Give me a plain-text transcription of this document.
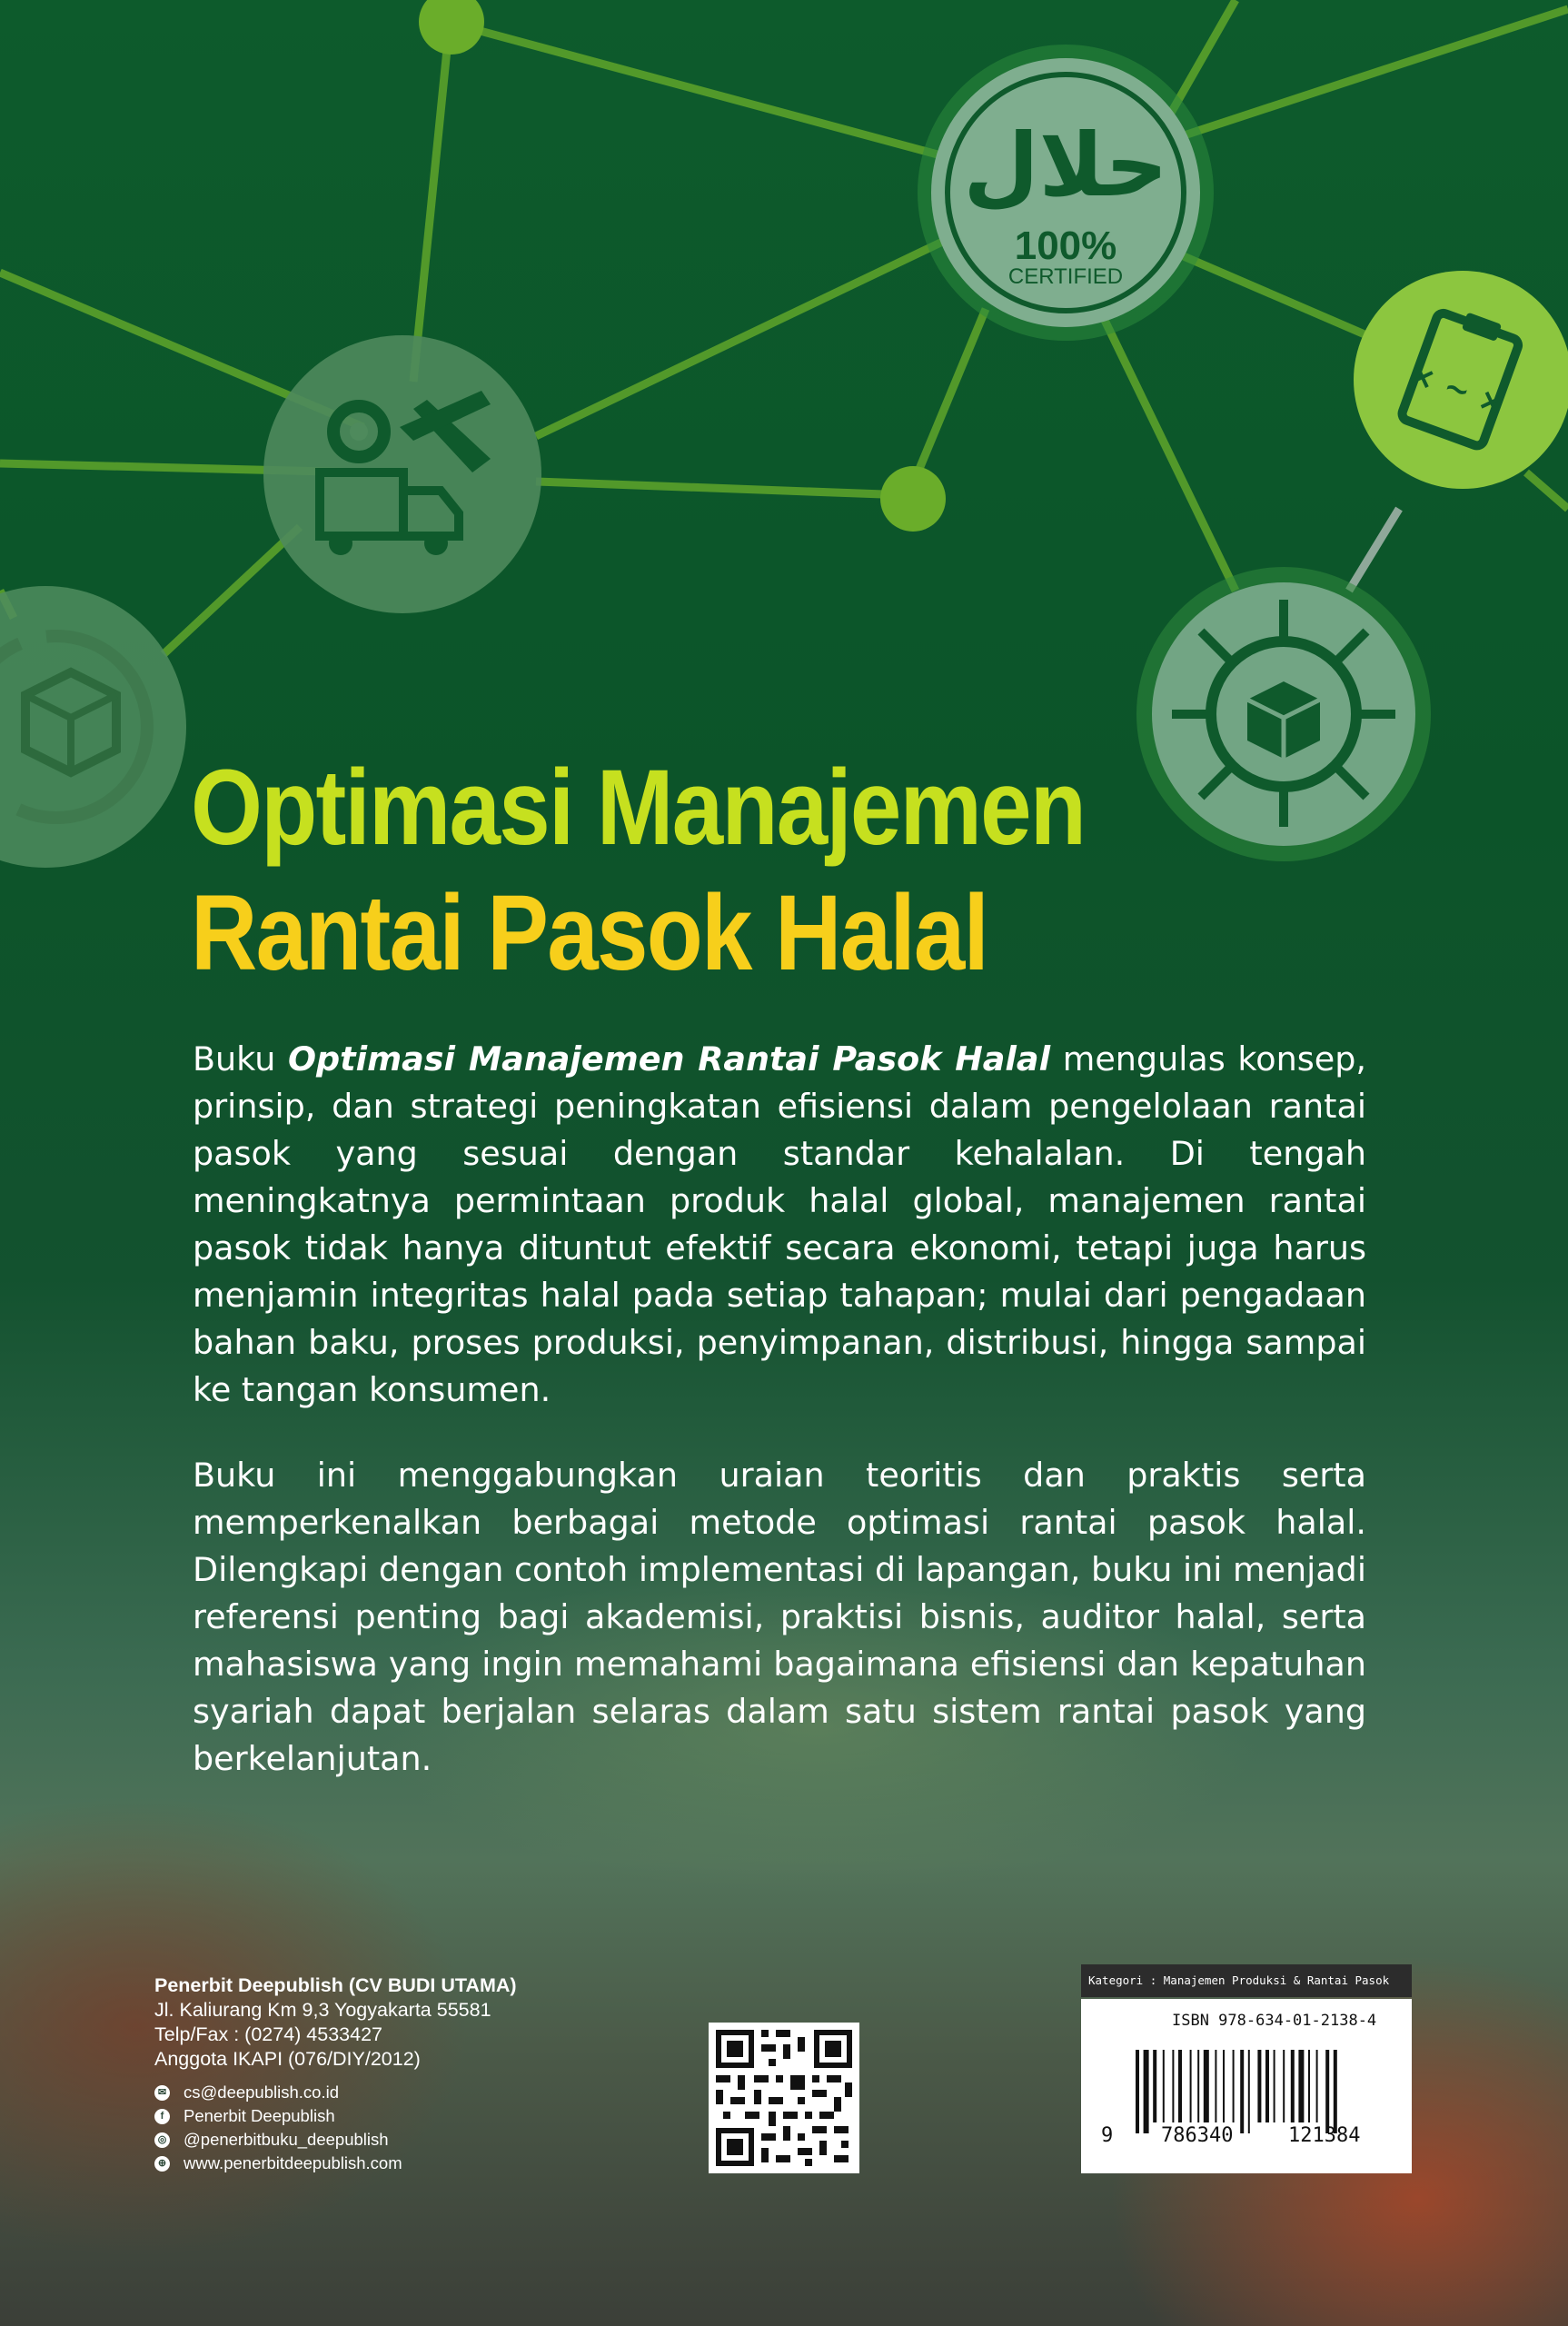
حلال
100%
CERTIFIED
× ~ ×
Optimasi Manajemen
Rantai Pasok Halal

Buku Optimasi Manajemen Rantai Pasok Halal mengulas konsep, prinsip, dan strategi peningkatan efisiensi dalam pengelolaan rantai pasok yang sesuai dengan standar kehalalan. Di tengah meningkatnya permintaan produk halal global, manajemen rantai pasok tidak hanya dituntut efektif secara ekonomi, tetapi juga harus menjamin integritas halal pada setiap tahapan; mulai dari pengadaan bahan baku, proses produksi, penyimpanan, distribusi, hingga sampai ke tangan konsumen.

Buku ini menggabungkan uraian teoritis dan praktis serta memperkenalkan berbagai metode optimasi rantai pasok halal. Dilengkapi dengan contoh implementasi di lapangan, buku ini menjadi referensi penting bagi akademisi, praktisi bisnis, auditor halal, serta mahasiswa yang ingin memahami bagaimana efisiensi dan kepatuhan syariah dapat berjalan selaras dalam satu sistem rantai pasok yang berkelanjutan.

Penerbit Deepublish (CV BUDI UTAMA)
Jl. Kaliurang Km 9,3 Yogyakarta 55581
Telp/Fax : (0274) 4533427
Anggota IKAPI (076/DIY/2012)
✉ cs@deepublish.co.id
f	Penerbit Deepublish
◎ @penerbitbuku_deepublish
⊕ www.penerbitdeepublish.com
Kategori : Manajemen Produksi & Rantai Pasok
ISBN 978-634-01-2138-4
9 786340	121384
